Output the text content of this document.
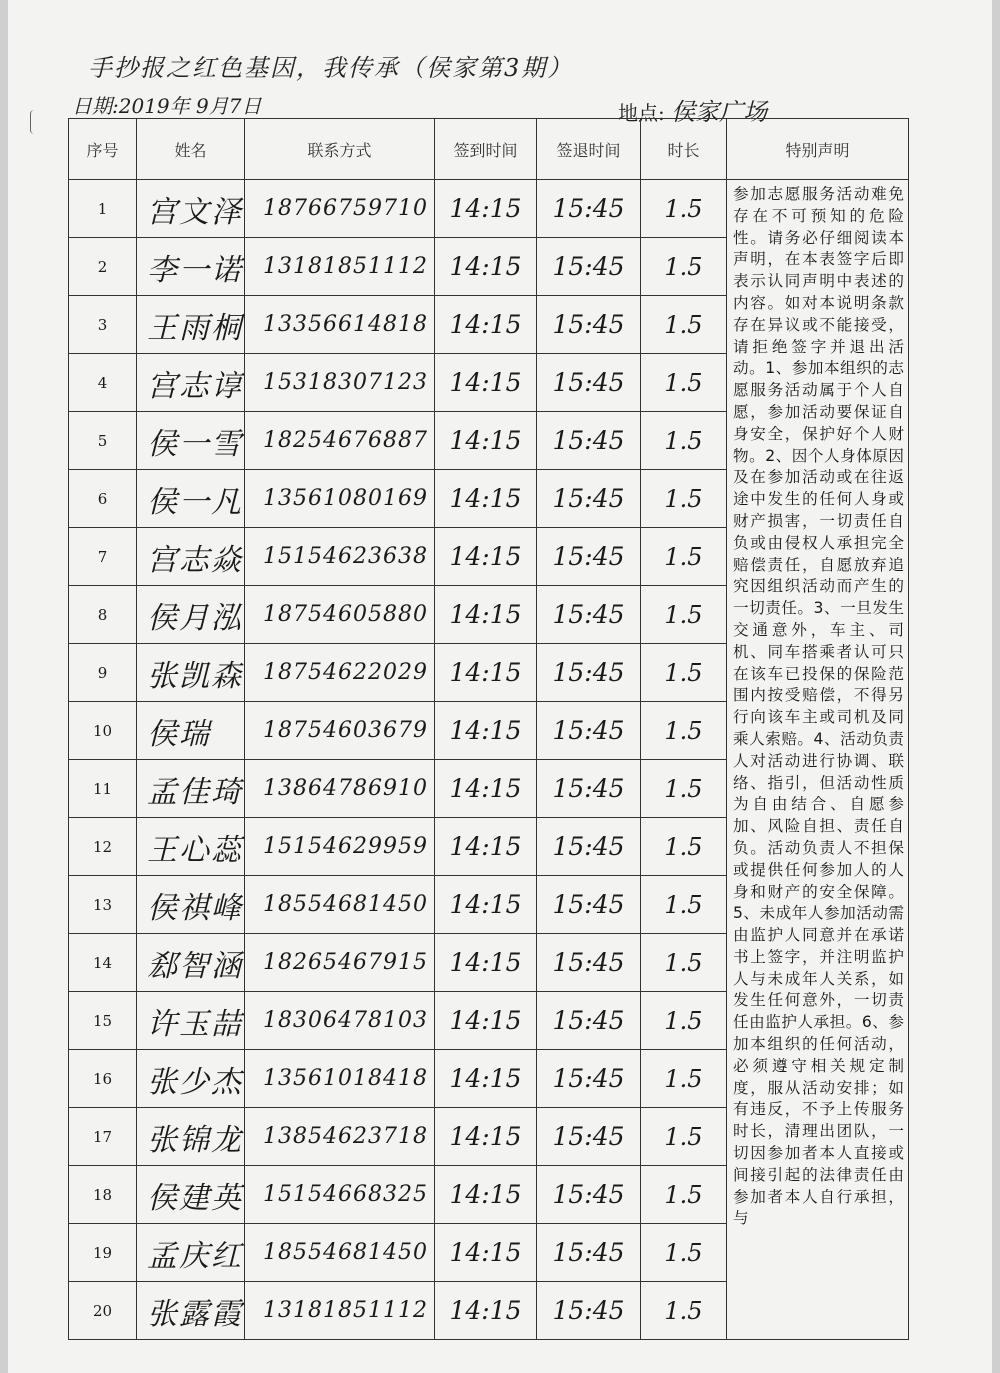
手抄报之红色基因，我传承（侯家第3期）
日期:2019年 9月7日	地点: 侯家广场
序号	姓名	联系方式	签到时间	签退时间	时长	特别声明
1	宫文泽	18766759710	14:15	15:45	1.5	参加志愿服务活动难免存在不可预知的危险性。请务必仔细阅读本声明，在本表签字后即表示认同声明中表述的内容。如对本说明条款存在异议或不能接受，请拒绝签字并退出活动。1、参加本组织的志愿服务活动属于个人自愿，参加活动要保证自身安全，保护好个人财物。2、因个人身体原因及在参加活动或在往返途中发生的任何人身或财产损害，一切责任自负或由侵权人承担完全赔偿责任，自愿放弃追究因组织活动而产生的一切责任。3、一旦发生交通意外，车主、司机、同车搭乘者认可只在该车已投保的保险范围内按受赔偿，不得另行向该车主或司机及同乘人索赔。4、活动负责人对活动进行协调、联络、指引，但活动性质为自由结合、自愿参加、风险自担、责任自负。活动负责人不担保或提供任何参加人的人身和财产的安全保障。5、未成年人参加活动需由监护人同意并在承诺书上签字，并注明监护人与未成年人关系，如发生任何意外，一切责任由监护人承担。6、参加本组织的任何活动，必须遵守相关规定制度，服从活动安排；如有违反，不予上传服务时长，清理出团队，一切因参加者本人直接或间接引起的法律责任由参加者本人自行承担，与
2	李一诺	13181851112	14:15	15:45	1.5	
3	王雨桐	13356614818	14:15	15:45	1.5	
4	宫志谆	15318307123	14:15	15:45	1.5	
5	侯一雪	18254676887	14:15	15:45	1.5	
6	侯一凡	13561080169	14:15	15:45	1.5	
7	宫志焱	15154623638	14:15	15:45	1.5	
8	侯月泓	18754605880	14:15	15:45	1.5	
9	张凯森	18754622029	14:15	15:45	1.5	
10	侯瑞	18754603679	14:15	15:45	1.5	
11	孟佳琦	13864786910	14:15	15:45	1.5	
12	王心蕊	15154629959	14:15	15:45	1.5	
13	侯祺峰	18554681450	14:15	15:45	1.5	
14	郄智涵	18265467915	14:15	15:45	1.5	
15	许玉喆	18306478103	14:15	15:45	1.5	
16	张少杰	13561018418	14:15	15:45	1.5	
17	张锦龙	13854623718	14:15	15:45	1.5	
18	侯建英	15154668325	14:15	15:45	1.5	
19	孟庆红	18554681450	14:15	15:45	1.5	
20	张露霞	13181851112	14:15	15:45	1.5	
